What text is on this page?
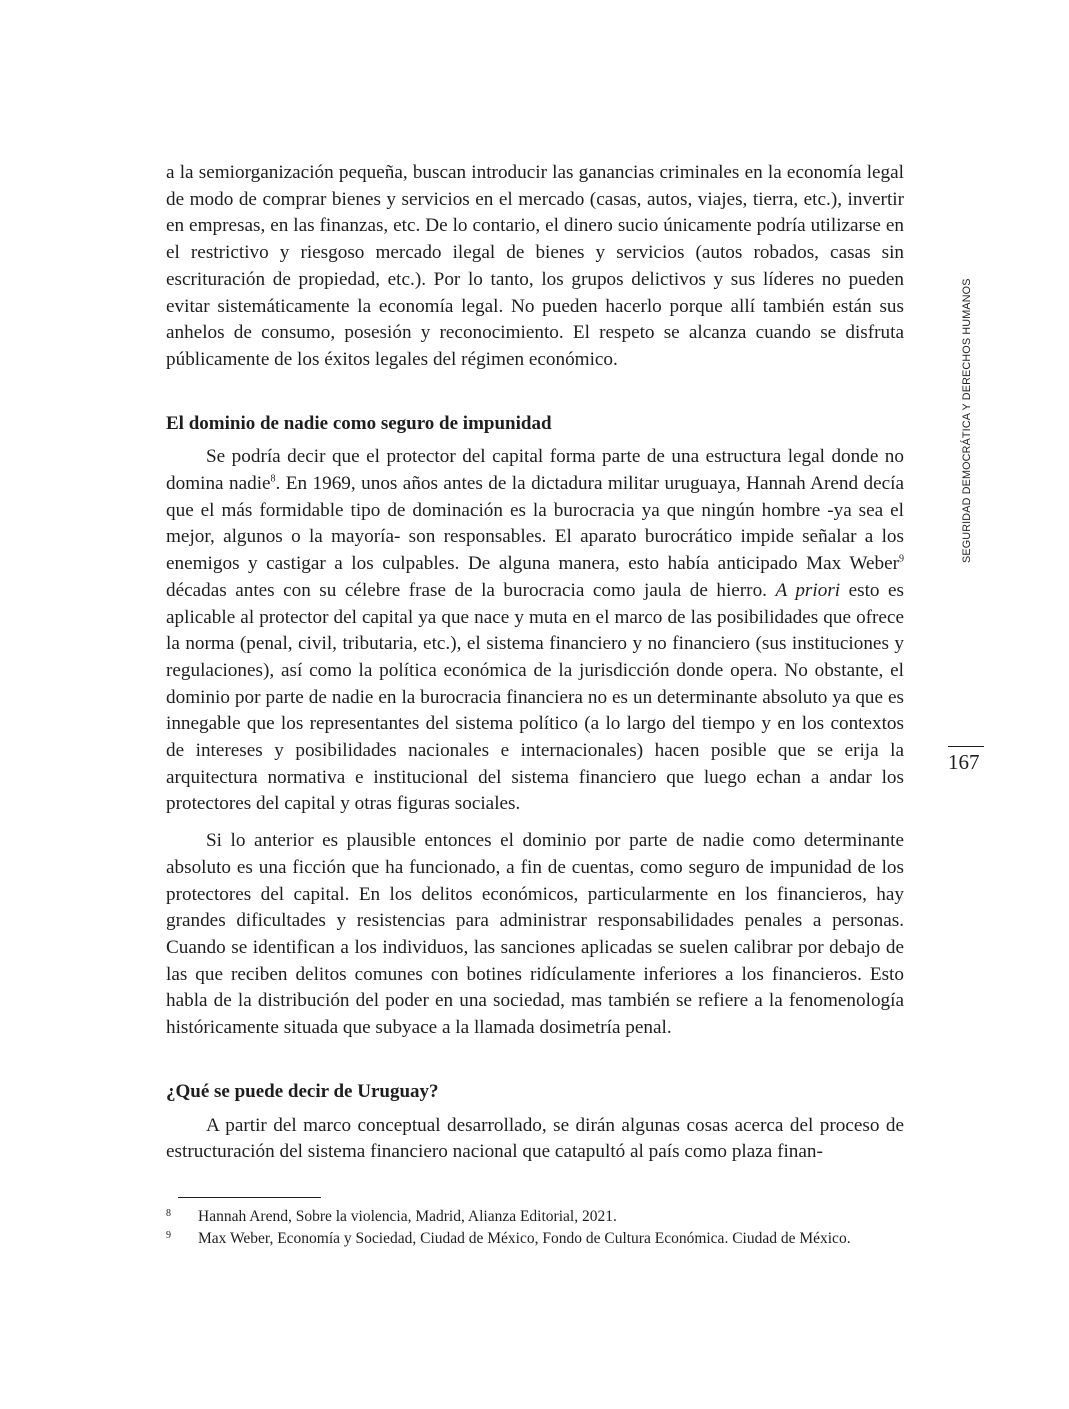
a la semiorganización pequeña, buscan introducir las ganancias criminales en la economía legal de modo de comprar bienes y servicios en el mercado (casas, autos, viajes, tierra, etc.), invertir en empresas, en las finanzas, etc. De lo contario, el dinero sucio únicamente podría utilizarse en el restrictivo y riesgoso mercado ilegal de bienes y servicios (autos robados, casas sin escrituración de propiedad, etc.). Por lo tanto, los grupos delictivos y sus líderes no pueden evitar sistemáticamente la economía legal. No pueden hacerlo porque allí también están sus anhelos de consumo, posesión y reconocimiento. El respeto se alcanza cuando se disfruta públicamente de los éxitos legales del régimen económico.

El dominio de nadie como seguro de impunidad

Se podría decir que el protector del capital forma parte de una estructura legal donde no domina nadie$^8$. En 1969, unos años antes de la dictadura militar uruguaya, Hannah Arend decía que el más formidable tipo de dominación es la burocracia ya que ningún hombre -ya sea el mejor, algunos o la mayoría- son responsables. El aparato burocrático impide señalar a los enemigos y castigar a los culpables. De alguna manera, esto había anticipado Max Weber$^9$ décadas antes con su célebre frase de la burocracia como jaula de hierro. A priori esto es aplicable al protector del capital ya que nace y muta en el marco de las posibilidades que ofrece la norma (penal, civil, tributaria, etc.), el sistema financiero y no financiero (sus instituciones y regulaciones), así como la política económica de la jurisdicción donde opera. No obstante, el dominio por parte de nadie en la burocracia financiera no es un determinante absoluto ya que es innegable que los representantes del sistema político (a lo largo del tiempo y en los contextos de intereses y posibilidades nacionales e internacionales) hacen posible que se erija la arquitectura normativa e institucional del sistema financiero que luego echan a andar los protectores del capital y otras figuras sociales.

Si lo anterior es plausible entonces el dominio por parte de nadie como determinante absoluto es una ficción que ha funcionado, a fin de cuentas, como seguro de impunidad de los protectores del capital. En los delitos económicos, particularmente en los financieros, hay grandes dificultades y resistencias para administrar responsabilidades penales a personas. Cuando se identifican a los individuos, las sanciones aplicadas se suelen calibrar por debajo de las que reciben delitos comunes con botines ridículamente inferiores a los financieros. Esto habla de la distribución del poder en una sociedad, mas también se refiere a la fenomenología históricamente situada que subyace a la llamada dosimetría penal.

¿Qué se puede decir de Uruguay?

A partir del marco conceptual desarrollado, se dirán algunas cosas acerca del proceso de estructuración del sistema financiero nacional que catapultó al país como plaza finan-

8 Hannah Arend, Sobre la violencia, Madrid, Alianza Editorial, 2021.
9 Max Weber, Economía y Sociedad, Ciudad de México, Fondo de Cultura Económica. Ciudad de México.
SEGURIDAD DEMOCRÁTICA Y DERECHOS HUMANOS
167
